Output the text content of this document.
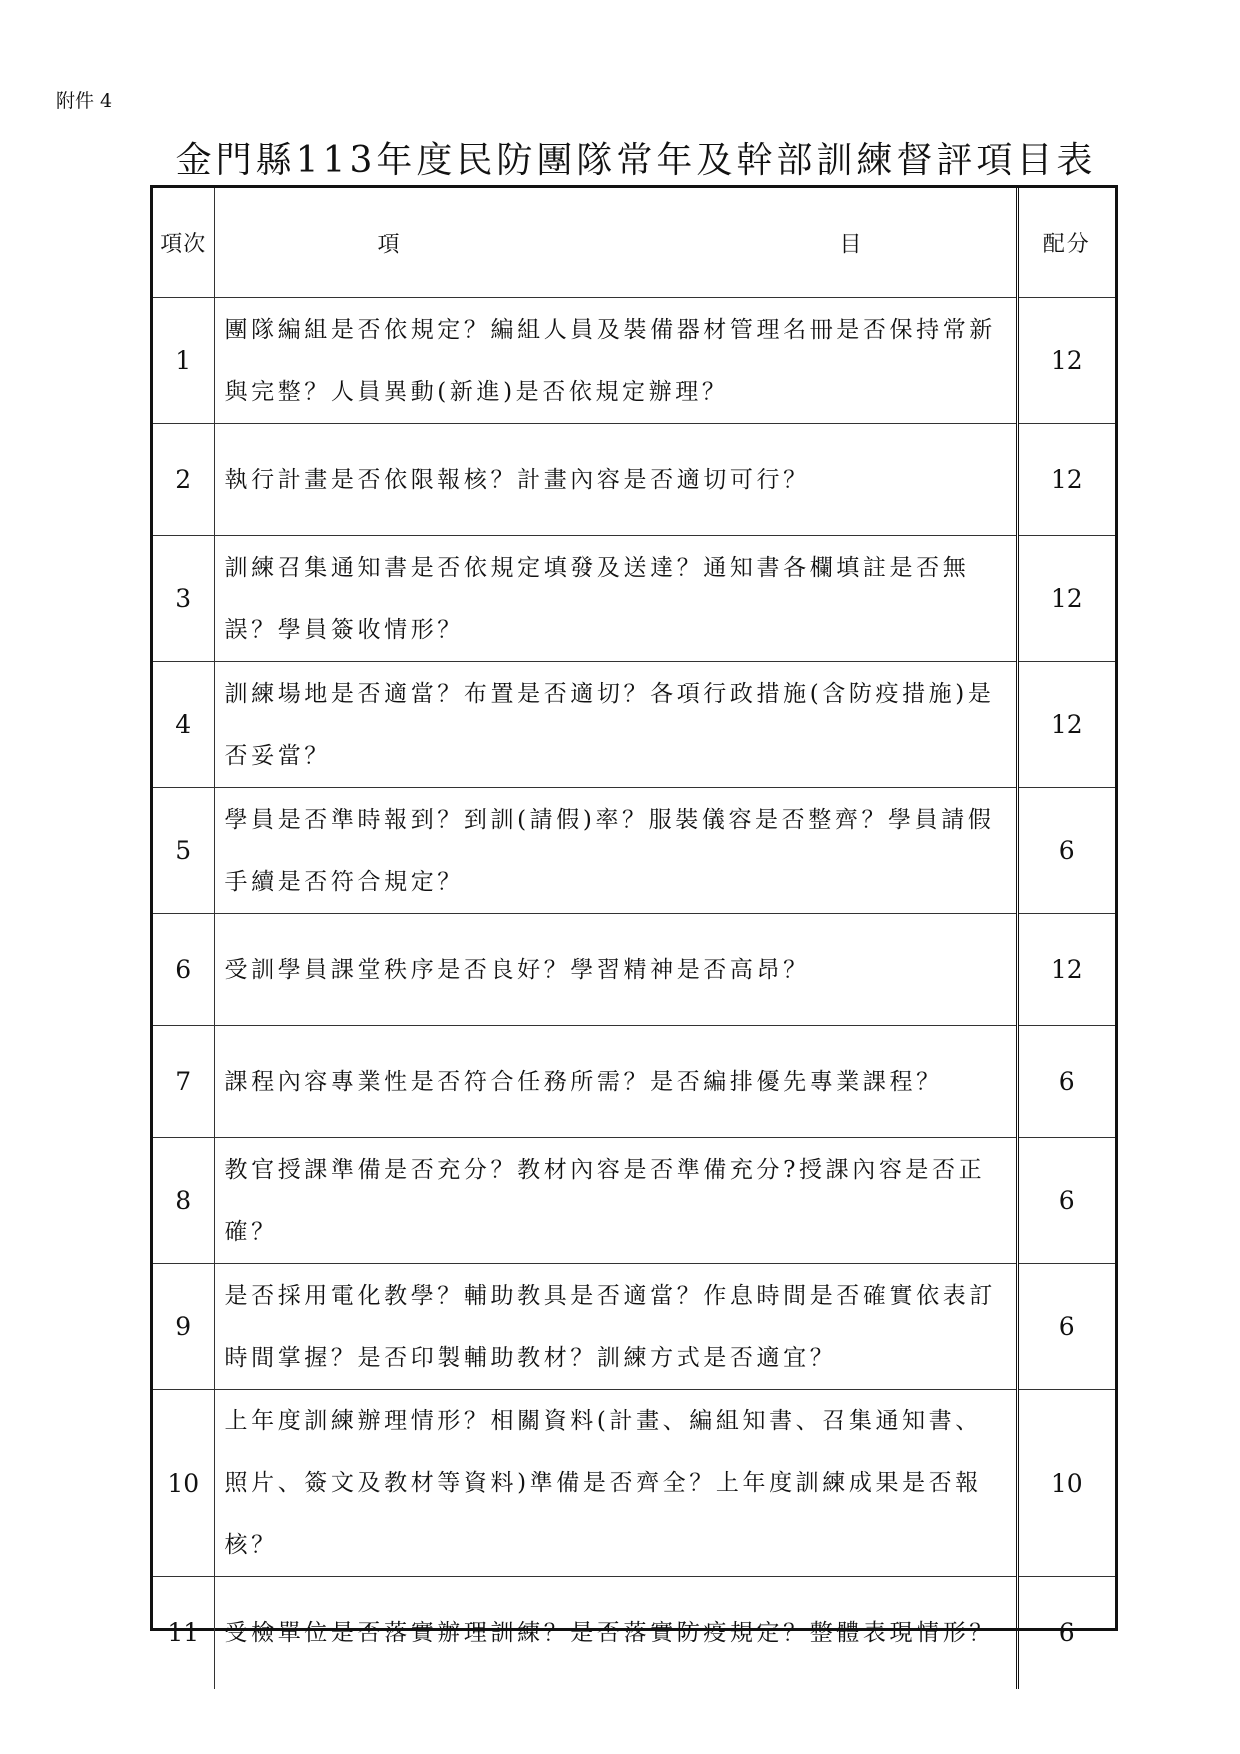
附件 4
金門縣113年度民防團隊常年及幹部訓練督評項目表
項次	項 目	配分
1	團隊編組是否依規定？編組人員及裝備器材管理名冊是否保持常新與完整？人員異動(新進)是否依規定辦理？	12
2	執行計畫是否依限報核？計畫內容是否適切可行？	12
3	訓練召集通知書是否依規定填發及送達？通知書各欄填註是否無誤？學員簽收情形？	12
4	訓練場地是否適當？布置是否適切？各項行政措施(含防疫措施)是否妥當？	12
5	學員是否準時報到？到訓(請假)率？服裝儀容是否整齊？學員請假手續是否符合規定？	6
6	受訓學員課堂秩序是否良好？學習精神是否高昂？	12
7	課程內容專業性是否符合任務所需？是否編排優先專業課程？	6
8	教官授課準備是否充分？教材內容是否準備充分?授課內容是否正確？	6
9	是否採用電化教學？輔助教具是否適當？作息時間是否確實依表訂時間掌握？是否印製輔助教材？訓練方式是否適宜？	6
10	上年度訓練辦理情形？相關資料(計畫、編組知書、召集通知書、照片、簽文及教材等資料)準備是否齊全？上年度訓練成果是否報核？	10
11	受檢單位是否落實辦理訓練？是否落實防疫規定？整體表現情形？	6
